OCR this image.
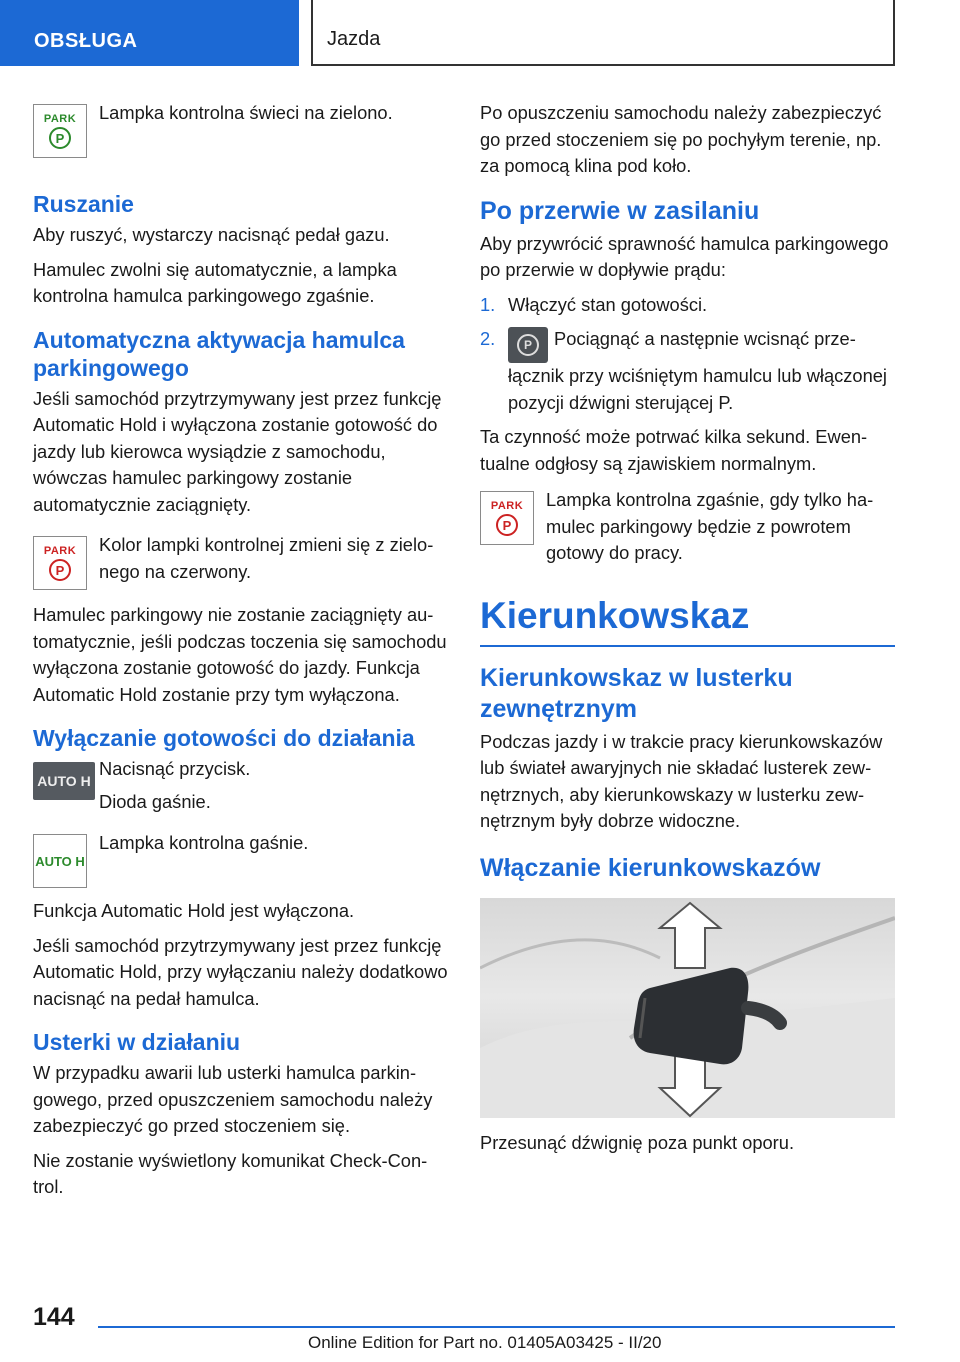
OBSŁUGA	Jazda
PARK
P

Lampka kontrolna świeci na zielono.

Ruszanie

Aby ruszyć, wystarczy nacisnąć pedał gazu.

Hamulec zwolni się automatycznie, a lampka kontrolna hamulca parkingowego zgaśnie.

Automatyczna aktywacja hamulca parkingowego

Jeśli samochód przytrzymywany jest przez funkcję Automatic Hold i wyłączona zostanie gotowość do jazdy lub kierowca wysiądzie z samochodu, wówczas hamulec parkingowy zostanie automatycznie zaciągnięty.

PARK
P

Kolor lampki kontrolnej zmieni się z zielonego na czerwony.

Hamulec parkingowy nie zostanie zaciągnięty automatycznie, jeśli podczas toczenia się samochodu wyłączona zostanie gotowość do jazdy. Funkcja Automatic Hold zostanie przy tym wyłączona.

Wyłączanie gotowości do działania
AUTO H

Nacisnąć przycisk.

Dioda gaśnie.

AUTO H

Lampka kontrolna gaśnie.

Funkcja Automatic Hold jest wyłączona.

Jeśli samochód przytrzymywany jest przez funkcję Automatic Hold, przy wyłączaniu należy dodatkowo nacisnąć na pedał hamulca.

Usterki w działaniu

W przypadku awarii lub usterki hamulca parkingowego, przed opuszczeniem samochodu należy zabezpieczyć go przed stoczeniem się.

Nie zostanie wyświetlony komunikat Check-Control.

Po opuszczeniu samochodu należy zabezpieczyć go przed stoczeniem się po pochyłym terenie, np. za pomocą klina pod koło.

Po przerwie w zasilaniu

Aby przywrócić sprawność hamulca parkingowego po przerwie w dopływie prądu:

1. Włączyć stan gotowości.
2.	P	Pociągnąć a następnie wcisnąć przełącznik przy wciśniętym hamulcu lub włączonej pozycji dźwigni sterującej P.

Ta czynność może potrwać kilka sekund. Ewentualne odgłosy są zjawiskiem normalnym.

PARK
P

Lampka kontrolna zgaśnie, gdy tylko hamulec parkingowy będzie z powrotem gotowy do pracy.

Kierunkowskaz
Kierunkowskaz w lusterku zewnętrznym

Podczas jazdy i w trakcie pracy kierunkowskazów lub świateł awaryjnych nie składać lusterek zewnętrznych, aby kierunkowskazy w lusterku zewnętrznym były dobrze widoczne.

Włączanie kierunkowskazów

Przesunąć dźwignię poza punkt oporu.

144
Online Edition for Part no. 01405A03425 - II/20
